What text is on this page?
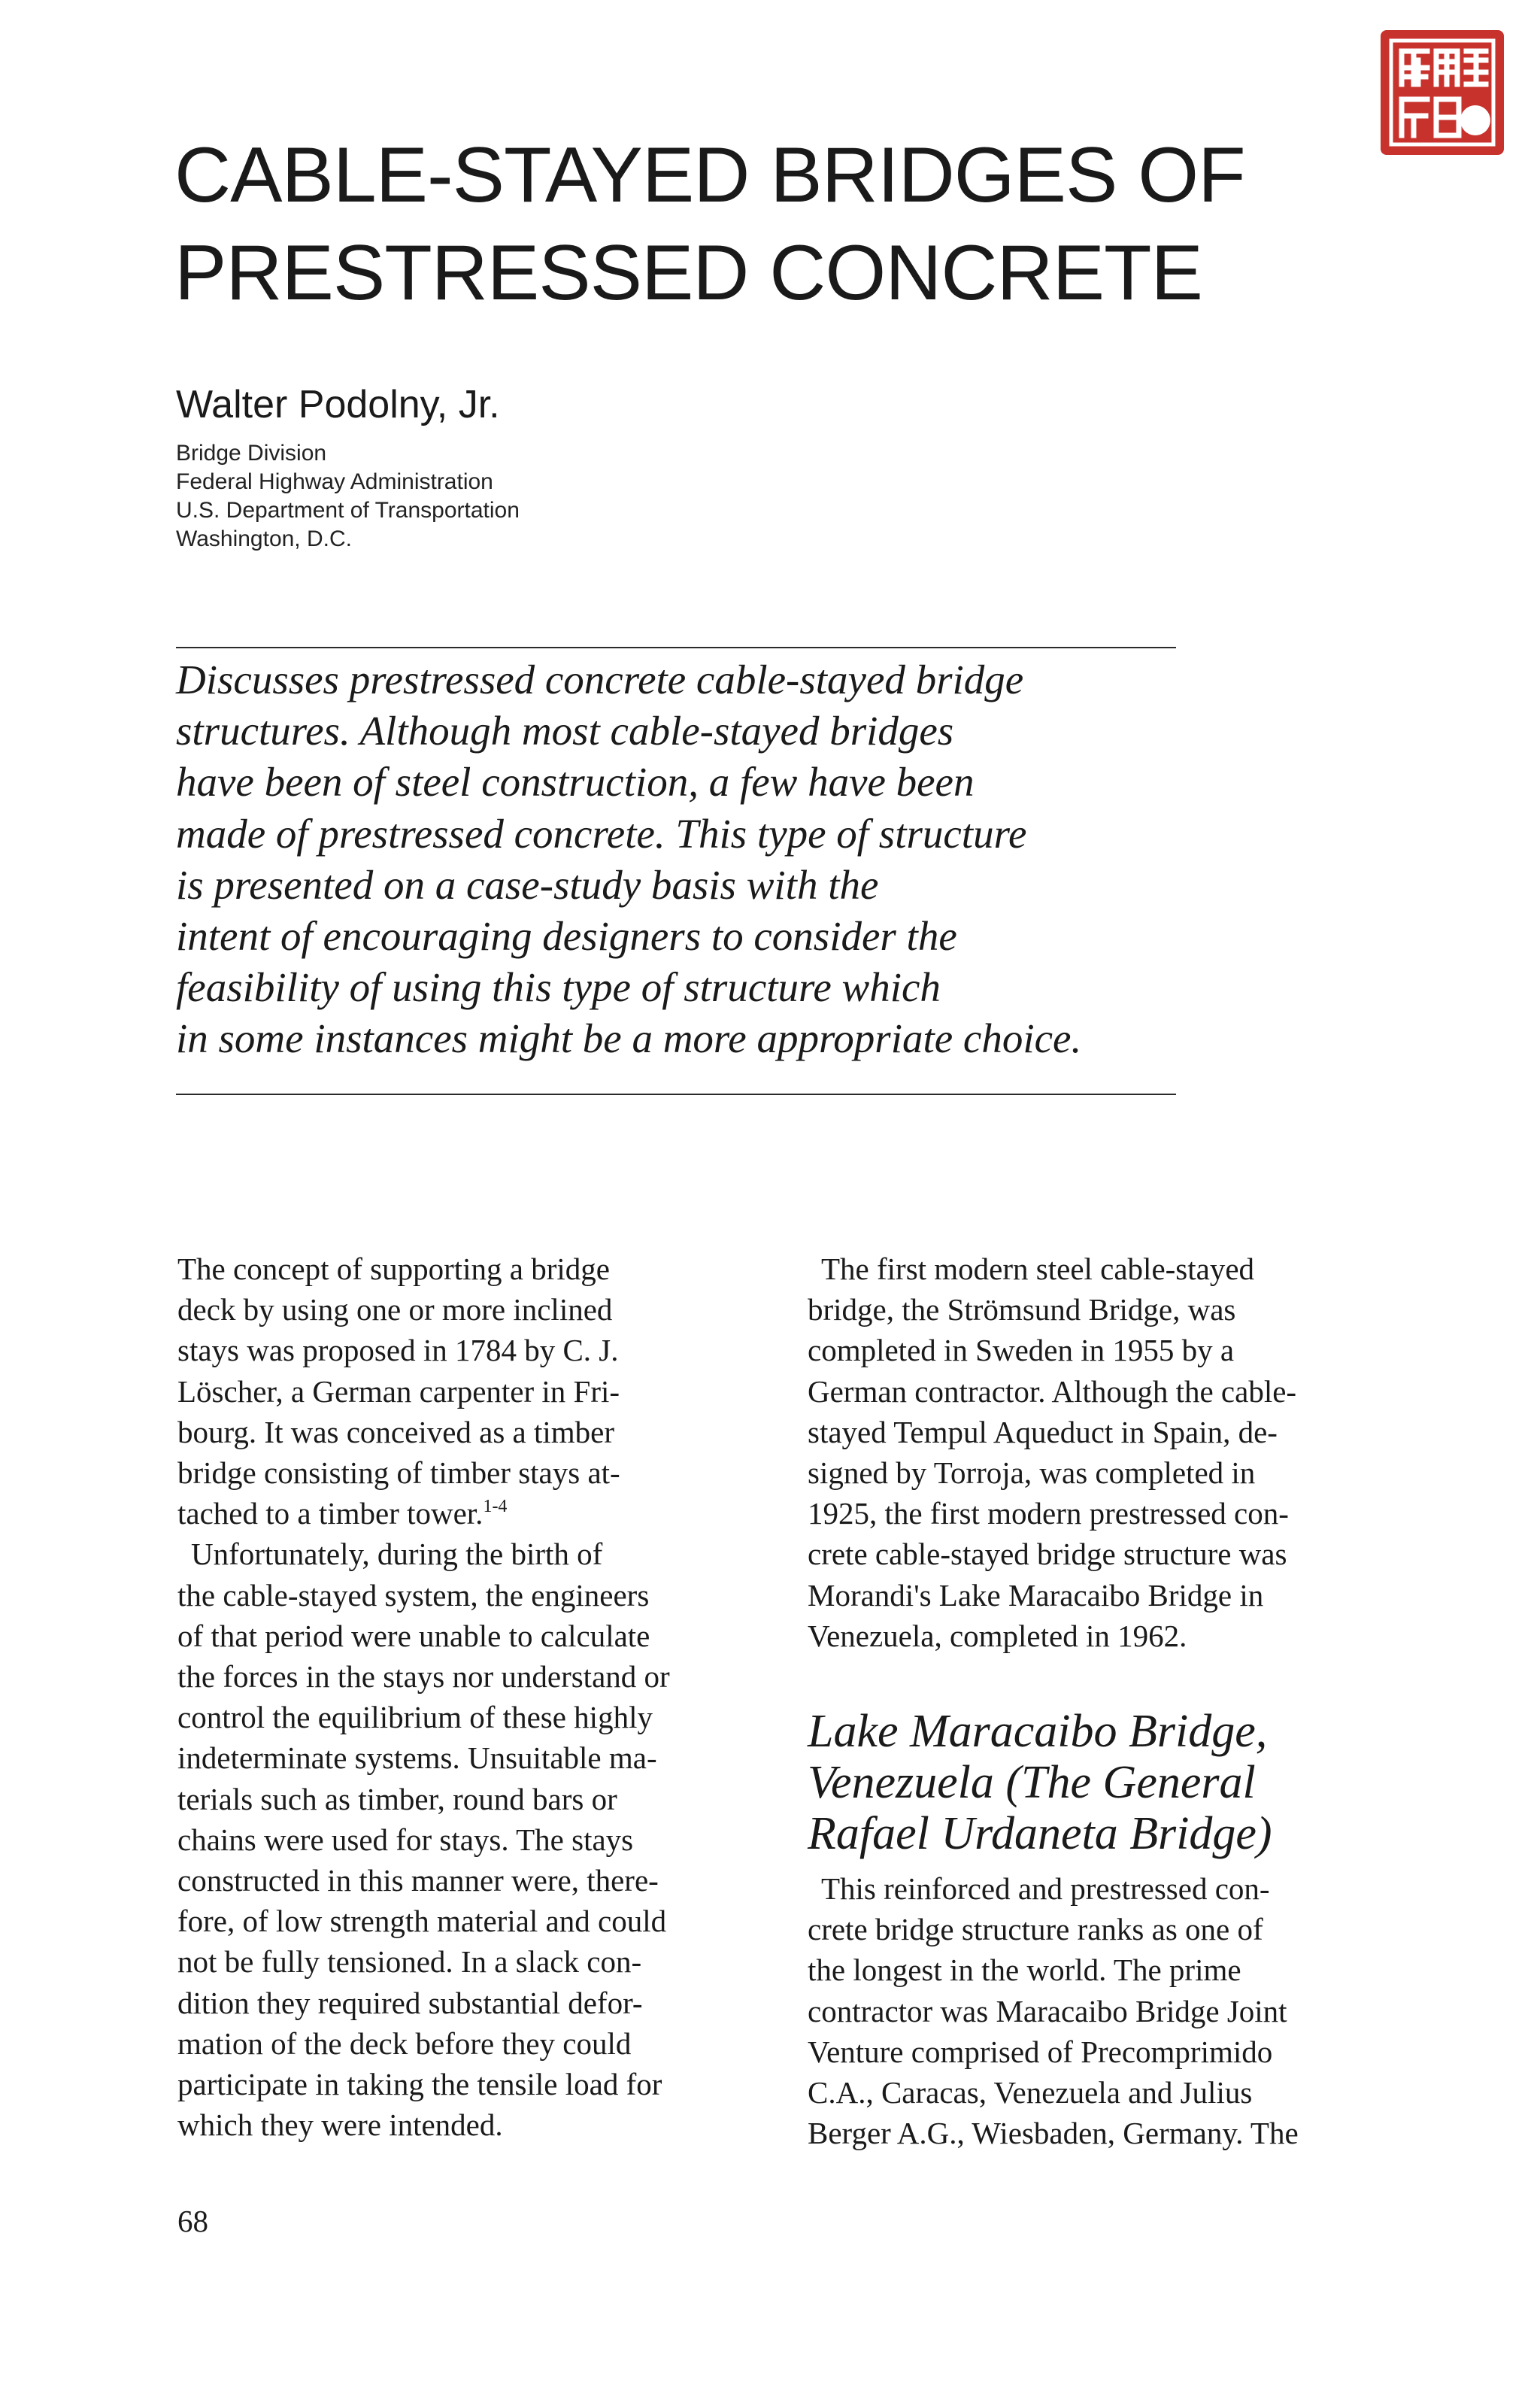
CABLE-STAYED BRIDGES OF
PRESTRESSED CONCRETE
Walter Podolny, Jr.
Bridge Division
Federal Highway Administration
U.S. Department of Transportation
Washington, D.C.
Discusses prestressed concrete cable-stayed bridge
structures. Although most cable-stayed bridges
have been of steel construction, a few have been
made of prestressed concrete. This type of structure
is presented on a case-study basis with the
intent of encouraging designers to consider the
feasibility of using this type of structure which
in some instances might be a more appropriate choice.
The concept of supporting a bridge
deck by using one or more inclined
stays was proposed in 1784 by C. J.
Löscher, a German carpenter in Fri-
bourg. It was conceived as a timber
bridge consisting of timber stays at-
tached to a timber tower.$^{1-4}$
Unfortunately, during the birth of
the cable-stayed system, the engineers
of that period were unable to calculate
the forces in the stays nor understand or
control the equilibrium of these highly
indeterminate systems. Unsuitable ma-
terials such as timber, round bars or
chains were used for stays. The stays
constructed in this manner were, there-
fore, of low strength material and could
not be fully tensioned. In a slack con-
dition they required substantial defor-
mation of the deck before they could
participate in taking the tensile load for
which they were intended.
The first modern steel cable-stayed
bridge, the Strömsund Bridge, was
completed in Sweden in 1955 by a
German contractor. Although the cable-
stayed Tempul Aqueduct in Spain, de-
signed by Torroja, was completed in
1925, the first modern prestressed con-
crete cable-stayed bridge structure was
Morandi's Lake Maracaibo Bridge in
Venezuela, completed in 1962.
Lake Maracaibo Bridge,
Venezuela (The General
Rafael Urdaneta Bridge)
This reinforced and prestressed con-
crete bridge structure ranks as one of
the longest in the world. The prime
contractor was Maracaibo Bridge Joint
Venture comprised of Precomprimido
C.A., Caracas, Venezuela and Julius
Berger A.G., Wiesbaden, Germany. The
68
